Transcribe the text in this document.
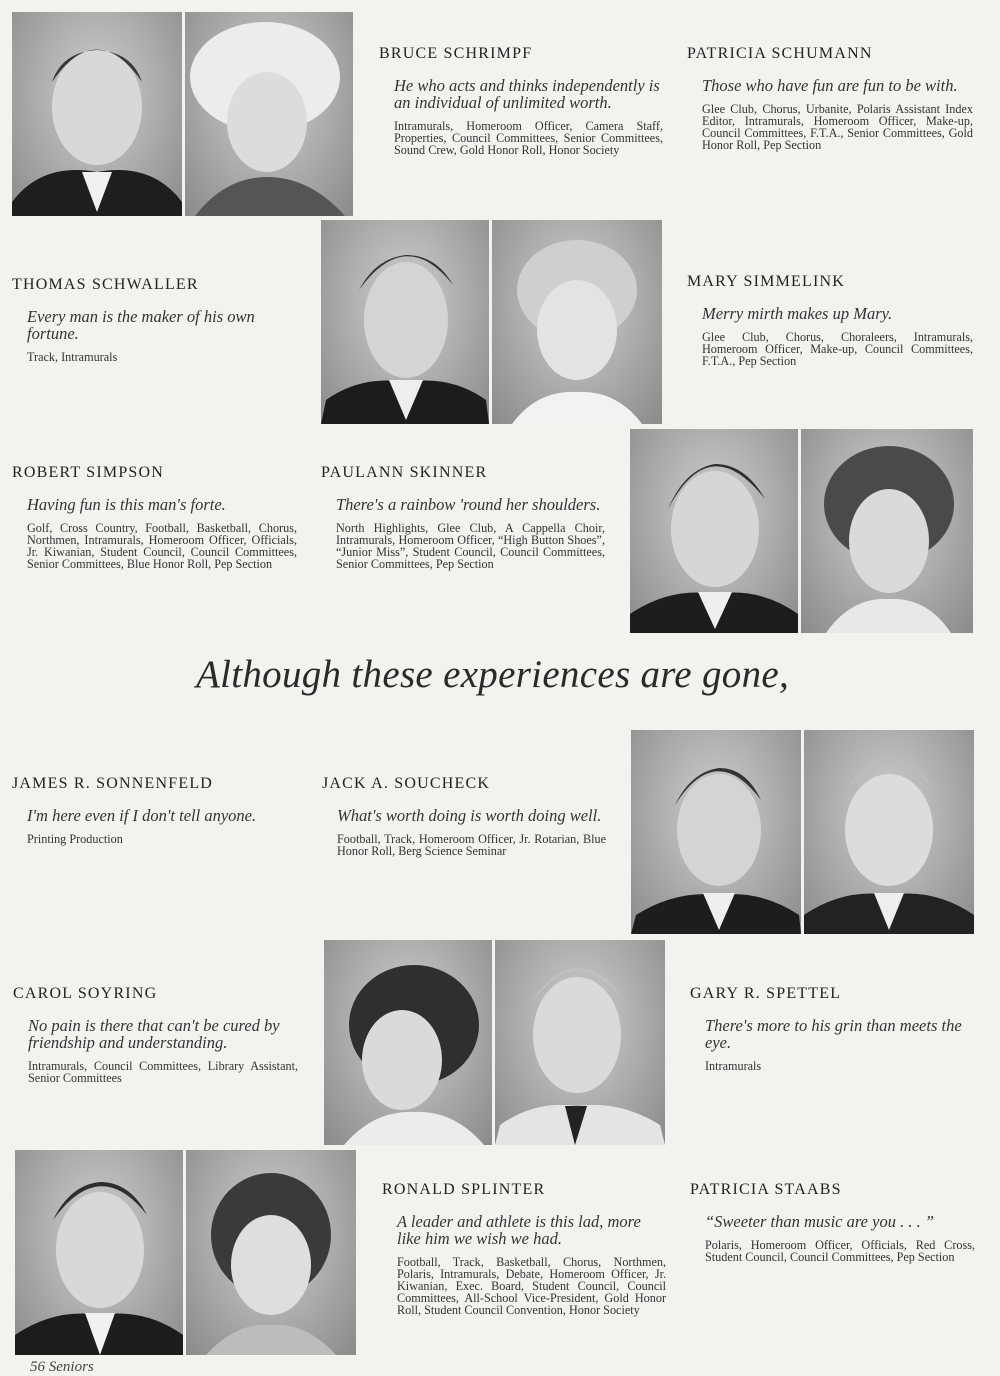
BRUCE SCHRIMPF

He who acts and thinks independently is an individual of unlimited worth.

Intramurals, Homeroom Officer, Camera Staff, Properties, Council Committees, Senior Committees, Sound Crew, Gold Honor Roll, Honor Society

PATRICIA SCHUMANN

Those who have fun are fun to be with.

Glee Club, Chorus, Urbanite, Polaris Assistant Index Editor, Intramurals, Homeroom Officer, Make-up, Council Committees, F.T.A., Senior Committees, Gold Honor Roll, Pep Section

THOMAS SCHWALLER

Every man is the maker of his own fortune.

Track, Intramurals

MARY SIMMELINK

Merry mirth makes up Mary.

Glee Club, Chorus, Choraleers, Intramurals, Homeroom Officer, Make-up, Council Committees, F.T.A., Pep Section

ROBERT SIMPSON

Having fun is this man's forte.

Golf, Cross Country, Football, Basketball, Chorus, Northmen, Intramurals, Homeroom Officer, Officials, Jr. Kiwanian, Student Council, Council Committees, Senior Committees, Blue Honor Roll, Pep Section

PAULANN SKINNER

There's a rainbow 'round her shoulders.

North Highlights, Glee Club, A Cappella Choir, Intramurals, Homeroom Officer, “High Button Shoes”, “Junior Miss”, Student Council, Council Committees, Senior Committees, Pep Section

Although these experiences are gone,

JAMES R. SONNENFELD

I'm here even if I don't tell anyone.

Printing Production

JACK A. SOUCHECK

What's worth doing is worth doing well.

Football, Track, Homeroom Officer, Jr. Rotarian, Blue Honor Roll, Berg Science Seminar

CAROL SOYRING

No pain is there that can't be cured by friendship and understanding.

Intramurals, Council Committees, Library Assistant, Senior Committees

GARY R. SPETTEL

There's more to his grin than meets the eye.

Intramurals

RONALD SPLINTER

A leader and athlete is this lad, more like him we wish we had.

Football, Track, Basketball, Chorus, Northmen, Polaris, Intramurals, Debate, Homeroom Officer, Jr. Kiwanian, Exec. Board, Student Council, Council Committees, All-School Vice-President, Gold Honor Roll, Student Council Convention, Honor Society

PATRICIA STAABS

“Sweeter than music are you . . . ”

Polaris, Homeroom Officer, Officials, Red Cross, Student Council, Council Committees, Pep Section

56 Seniors
